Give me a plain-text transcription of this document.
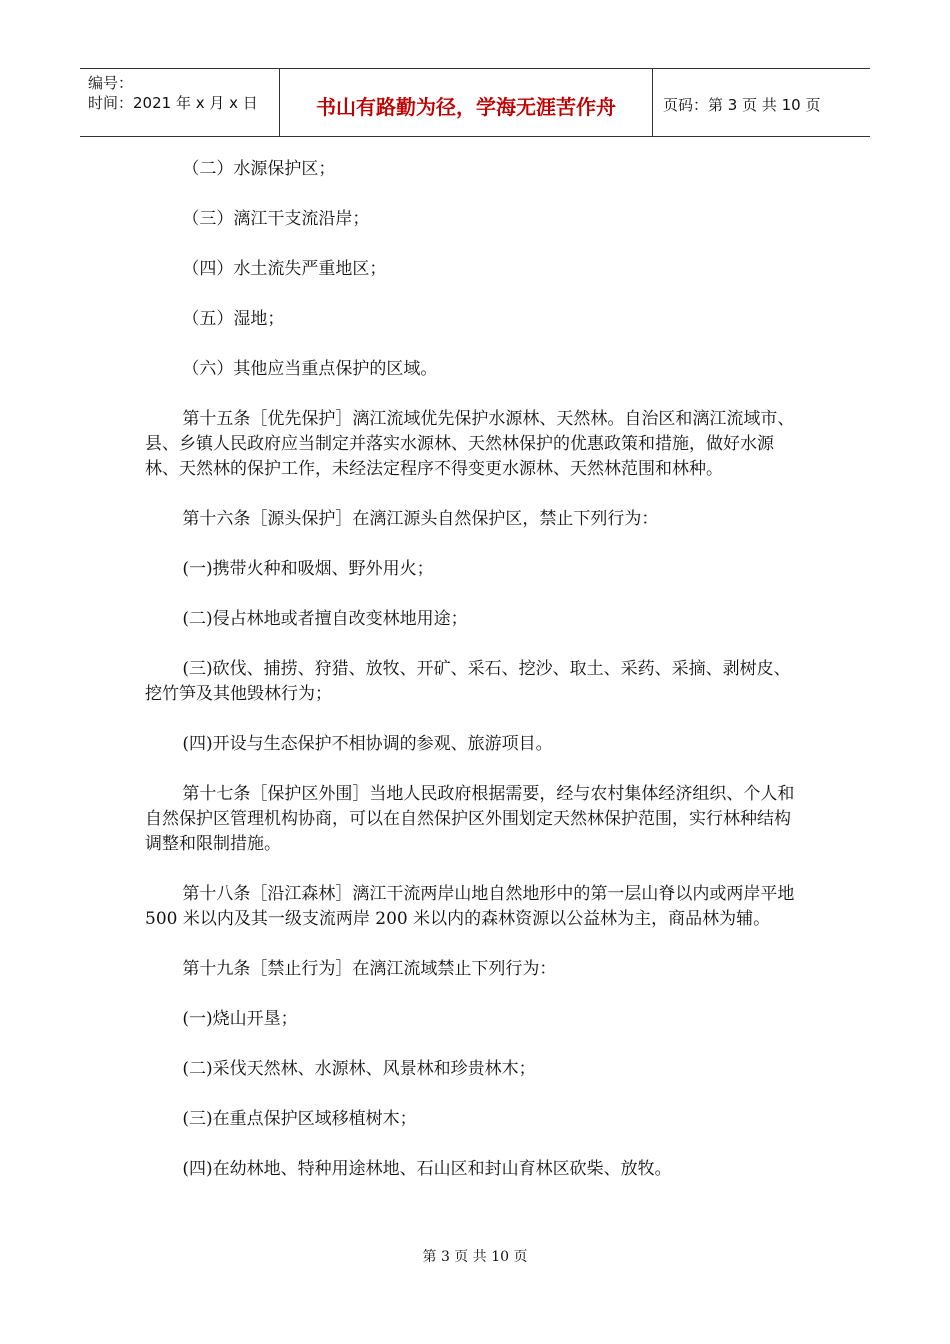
编号：
时间：2021 年 x 月 x 日	书山有路勤为径，学海无涯苦作舟	页码：第 3 页 共 10 页

（二）水源保护区；

（三）漓江干支流沿岸；

（四）水土流失严重地区；

（五）湿地；

（六）其他应当重点保护的区域。

第十五条［优先保护］漓江流域优先保护水源林、天然林。自治区和漓江流域市、县、乡镇人民政府应当制定并落实水源林、天然林保护的优惠政策和措施，做好水源林、天然林的保护工作，未经法定程序不得变更水源林、天然林范围和林种。

第十六条［源头保护］在漓江源头自然保护区，禁止下列行为：

(一)携带火种和吸烟、野外用火；

(二)侵占林地或者擅自改变林地用途；

(三)砍伐、捕捞、狩猎、放牧、开矿、采石、挖沙、取土、采药、采摘、剥树皮、挖竹笋及其他毁林行为；

(四)开设与生态保护不相协调的参观、旅游项目。

第十七条［保护区外围］当地人民政府根据需要，经与农村集体经济组织、个人和自然保护区管理机构协商，可以在自然保护区外围划定天然林保护范围，实行林种结构调整和限制措施。

第十八条［沿江森林］漓江干流两岸山地自然地形中的第一层山脊以内或两岸平地 500 米以内及其一级支流两岸 200 米以内的森林资源以公益林为主，商品林为辅。

第十九条［禁止行为］在漓江流域禁止下列行为：

(一)烧山开垦；

(二)采伐天然林、水源林、风景林和珍贵林木；

(三)在重点保护区域移植树木；

(四)在幼林地、特种用途林地、石山区和封山育林区砍柴、放牧。

第 3 页 共 10 页
